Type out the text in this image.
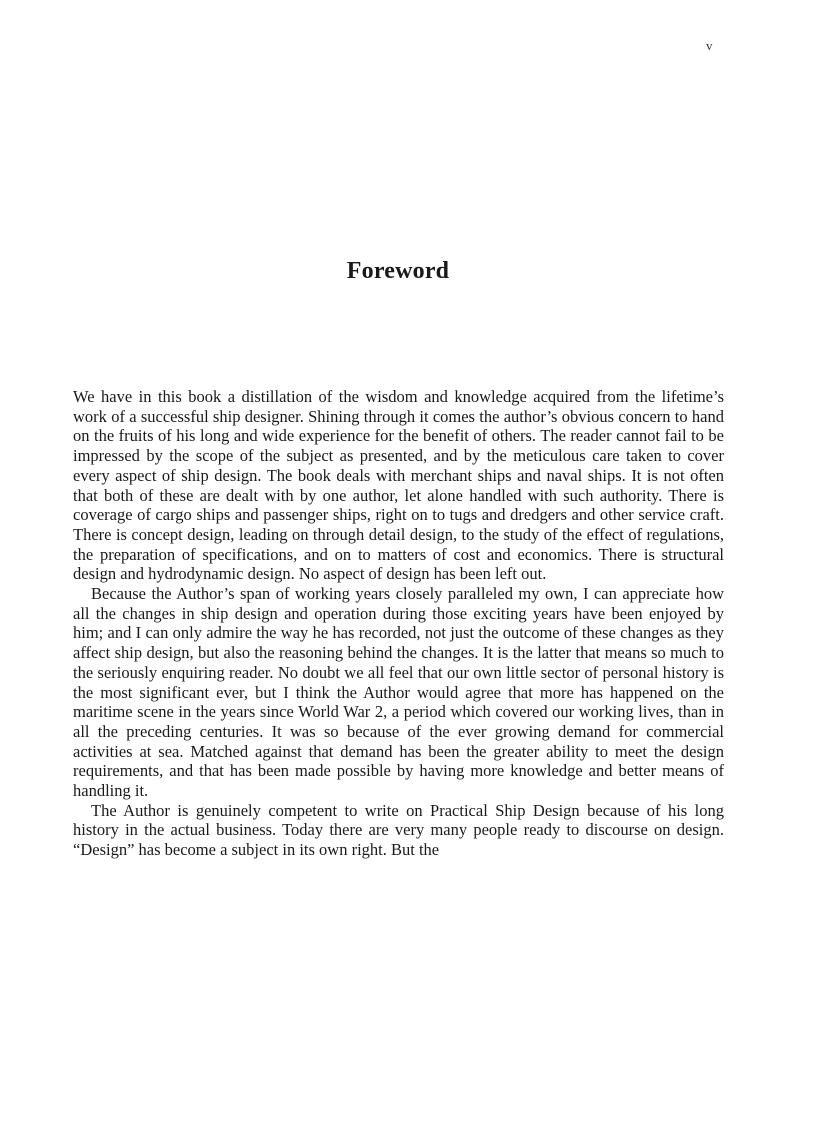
v
Foreword

We have in this book a distillation of the wisdom and knowledge acquired from the lifetime’s work of a successful ship designer. Shining through it comes the author’s obvious concern to hand on the fruits of his long and wide experience for the benefit of others. The reader cannot fail to be impressed by the scope of the subject as presented, and by the meticulous care taken to cover every aspect of ship design. The book deals with merchant ships and naval ships. It is not often that both of these are dealt with by one author, let alone handled with such authority. There is coverage of cargo ships and passenger ships, right on to tugs and dredgers and other service craft. There is concept design, leading on through detail design, to the study of the effect of regulations, the preparation of specifications, and on to matters of cost and economics. There is structural design and hydrodynamic design. No aspect of design has been left out.

Because the Author’s span of working years closely paralleled my own, I can appreciate how all the changes in ship design and operation during those exciting years have been enjoyed by him; and I can only admire the way he has recorded, not just the outcome of these changes as they affect ship design, but also the reasoning behind the changes. It is the latter that means so much to the seriously enquiring reader. No doubt we all feel that our own little sector of personal history is the most significant ever, but I think the Author would agree that more has happened on the maritime scene in the years since World War 2, a period which covered our working lives, than in all the preceding centuries. It was so because of the ever growing demand for commercial activities at sea. Matched against that demand has been the greater ability to meet the design requirements, and that has been made possible by having more knowledge and better means of handling it.

The Author is genuinely competent to write on Practical Ship Design because of his long history in the actual business. Today there are very many people ready to discourse on design. “Design” has become a subject in its own right. But the
